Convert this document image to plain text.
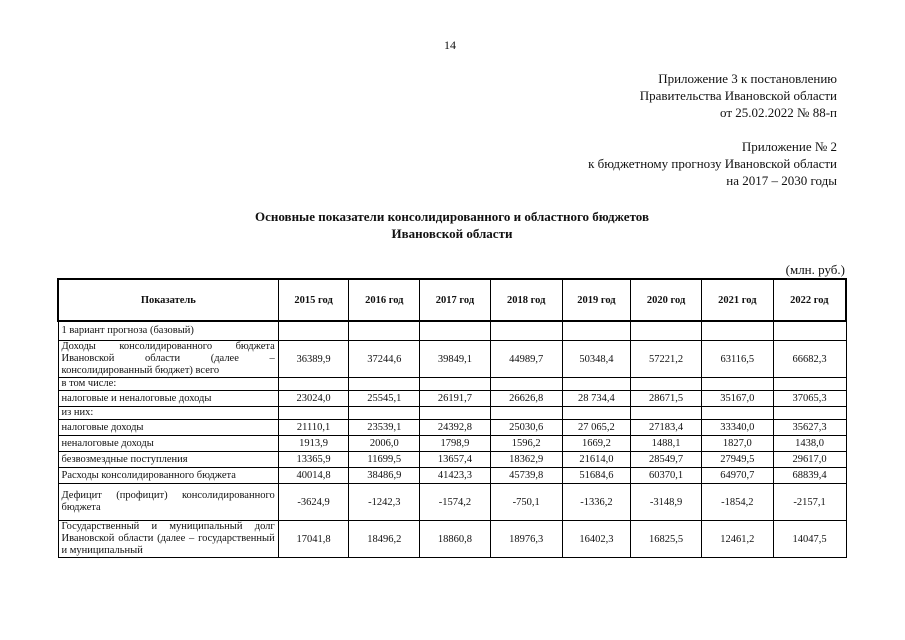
14
Приложение 3 к постановлению
Правительства Ивановской области
от 25.02.2022 № 88-п
Приложение № 2
к бюджетному прогнозу Ивановской области
на 2017 – 2030 годы
Основные показатели консолидированного и областного бюджетов
Ивановской области
(млн. руб.)
Показатель	2015 год	2016 год	2017 год	2018 год	2019 год	2020 год	2021 год	2022 год
1 вариант прогноза (базовый)								
Доходы консолидированного бюджета Ивановской области (далее – консолидированный бюджет) всего	36389,9	37244,6	39849,1	44989,7	50348,4	57221,2	63116,5	66682,3
в том числе:								
налоговые и неналоговые доходы	23024,0	25545,1	26191,7	26626,8	28 734,4	28671,5	35167,0	37065,3
из них:								
налоговые доходы	21110,1	23539,1	24392,8	25030,6	27 065,2	27183,4	33340,0	35627,3
неналоговые доходы	1913,9	2006,0	1798,9	1596,2	1669,2	1488,1	1827,0	1438,0
безвозмездные поступления	13365,9	11699,5	13657,4	18362,9	21614,0	28549,7	27949,5	29617,0
Расходы консолидированного бюджета	40014,8	38486,9	41423,3	45739,8	51684,6	60370,1	64970,7	68839,4
Дефицит (профицит) консолидированного бюджета	-3624,9	-1242,3	-1574,2	-750,1	-1336,2	-3148,9	-1854,2	-2157,1
Государственный и муниципальный долг Ивановской области (далее – государственный и муниципальный	17041,8	18496,2	18860,8	18976,3	16402,3	16825,5	12461,2	14047,5
